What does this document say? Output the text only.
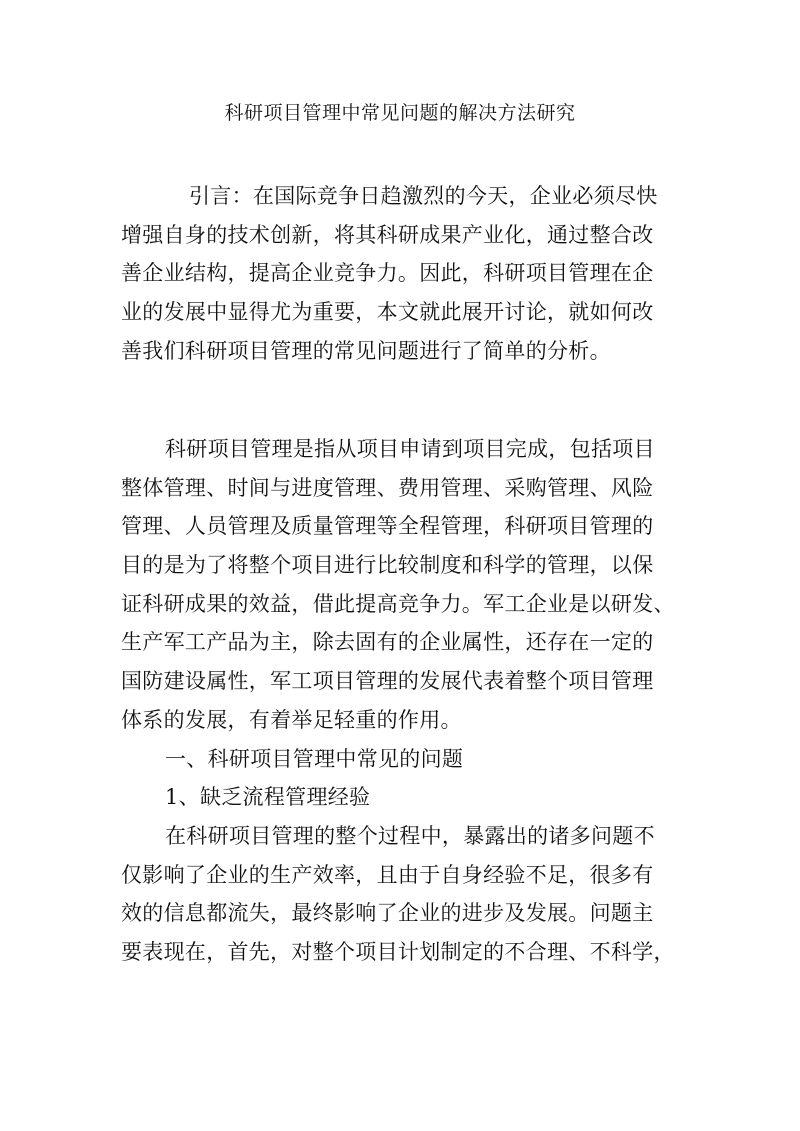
科研项目管理中常见问题的解决方法研究
引言：在国际竞争日趋激烈的今天，企业必须尽快
增强自身的技术创新，将其科研成果产业化，通过整合改
善企业结构，提高企业竞争力。因此，科研项目管理在企
业的发展中显得尤为重要，本文就此展开讨论，就如何改
善我们科研项目管理的常见问题进行了简单的分析。
科研项目管理是指从项目申请到项目完成，包括项目
整体管理、时间与进度管理、费用管理、采购管理、风险
管理、人员管理及质量管理等全程管理，科研项目管理的
目的是为了将整个项目进行比较制度和科学的管理，以保
证科研成果的效益，借此提高竞争力。军工企业是以研发、
生产军工产品为主，除去固有的企业属性，还存在一定的
国防建设属性，军工项目管理的发展代表着整个项目管理
体系的发展，有着举足轻重的作用。
一、科研项目管理中常见的问题
1、缺乏流程管理经验
在科研项目管理的整个过程中，暴露出的诸多问题不
仅影响了企业的生产效率，且由于自身经验不足，很多有
效的信息都流失，最终影响了企业的进步及发展。问题主
要表现在，首先，对整个项目计划制定的不合理、不科学，
